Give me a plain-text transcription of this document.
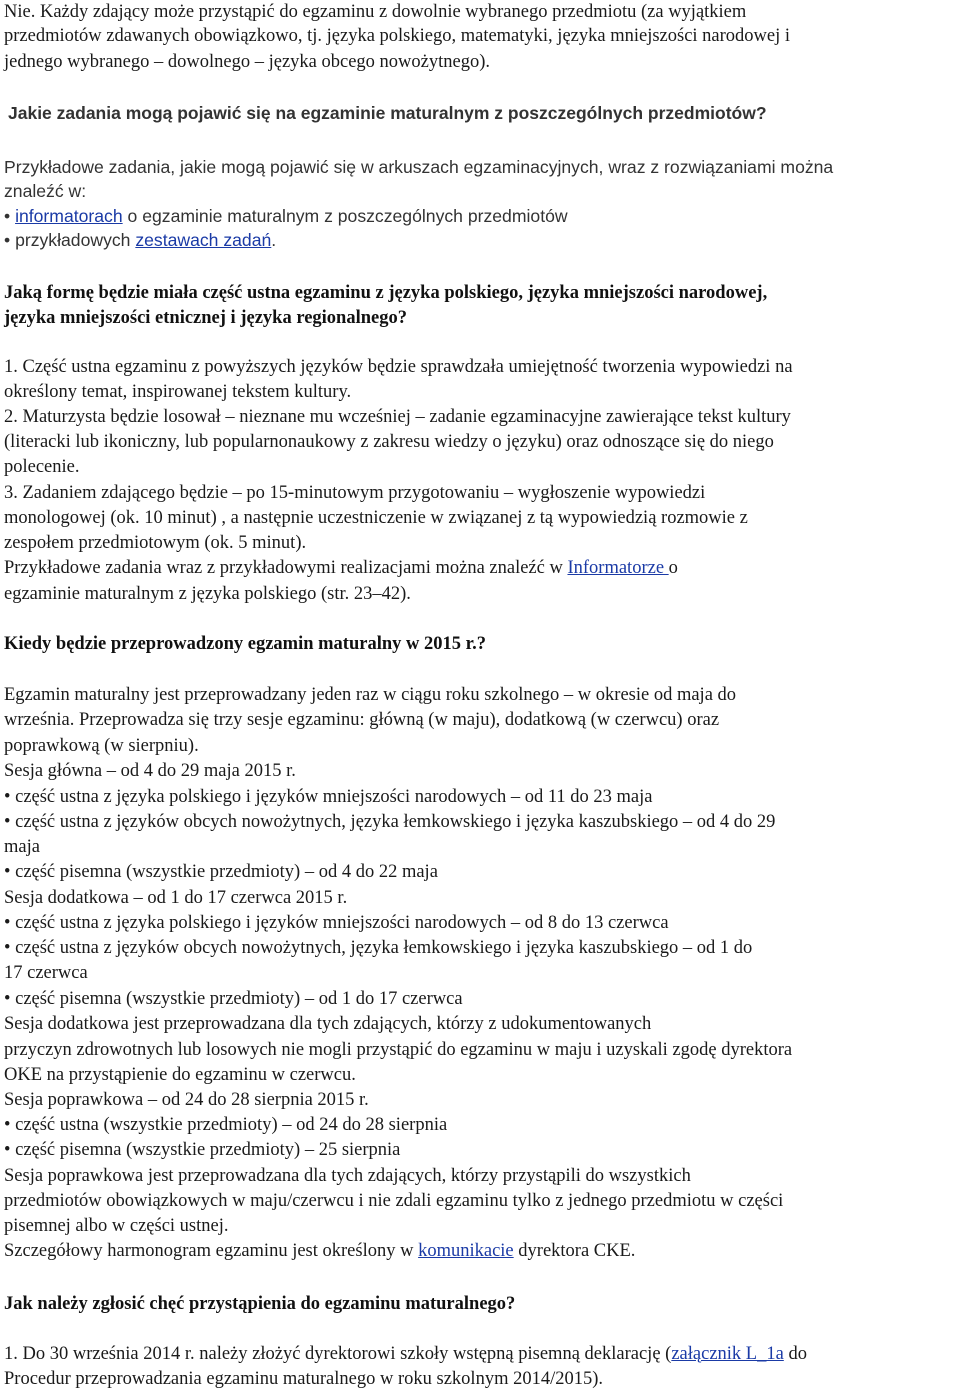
Nie. Każdy zdający może przystąpić do egzaminu z dowolnie wybranego przedmiotu (za wyjątkiem
przedmiotów zdawanych obowiązkowo, tj. języka polskiego, matematyki, języka mniejszości narodowej i
jednego wybranego – dowolnego – języka obcego nowożytnego).
Jakie zadania mogą pojawić się na egzaminie maturalnym z poszczególnych przedmiotów?
Przykładowe zadania, jakie mogą pojawić się w arkuszach egzaminacyjnych, wraz z rozwiązaniami można
znaleźć w:
• informatorach o egzaminie maturalnym z poszczególnych przedmiotów
• przykładowych zestawach zadań.
Jaką formę będzie miała część ustna egzaminu z języka polskiego, języka mniejszości narodowej,
języka mniejszości etnicznej i języka regionalnego?
1. Część ustna egzaminu z powyższych języków będzie sprawdzała umiejętność tworzenia wypowiedzi na
określony temat, inspirowanej tekstem kultury.
2. Maturzysta będzie losował – nieznane mu wcześniej – zadanie egzaminacyjne zawierające tekst kultury
(literacki lub ikoniczny, lub popularnonaukowy z zakresu wiedzy o języku) oraz odnoszące się do niego
polecenie.
3. Zadaniem zdającego będzie – po 15-minutowym przygotowaniu – wygłoszenie wypowiedzi
monologowej (ok. 10 minut) , a następnie uczestniczenie w związanej z tą wypowiedzią rozmowie z
zespołem przedmiotowym (ok. 5 minut).
Przykładowe zadania wraz z przykładowymi realizacjami można znaleźć w Informatorze o
egzaminie maturalnym z języka polskiego (str. 23–42).
Kiedy będzie przeprowadzony egzamin maturalny w 2015 r.?
Egzamin maturalny jest przeprowadzany jeden raz w ciągu roku szkolnego – w okresie od maja do
września. Przeprowadza się trzy sesje egzaminu: główną (w maju), dodatkową (w czerwcu) oraz
poprawkową (w sierpniu).
Sesja główna – od 4 do 29 maja 2015 r.
• część ustna z języka polskiego i języków mniejszości narodowych – od 11 do 23 maja
• część ustna z języków obcych nowożytnych, języka łemkowskiego i języka kaszubskiego – od 4 do 29
maja
• część pisemna (wszystkie przedmioty) – od 4 do 22 maja
Sesja dodatkowa – od 1 do 17 czerwca 2015 r.
• część ustna z języka polskiego i języków mniejszości narodowych – od 8 do 13 czerwca
• część ustna z języków obcych nowożytnych, języka łemkowskiego i języka kaszubskiego – od 1 do
17 czerwca
• część pisemna (wszystkie przedmioty) – od 1 do 17 czerwca
Sesja dodatkowa jest przeprowadzana dla tych zdających, którzy z udokumentowanych
przyczyn zdrowotnych lub losowych nie mogli przystąpić do egzaminu w maju i uzyskali zgodę dyrektora
OKE na przystąpienie do egzaminu w czerwcu.
Sesja poprawkowa – od 24 do 28 sierpnia 2015 r.
• część ustna (wszystkie przedmioty) – od 24 do 28 sierpnia
• część pisemna (wszystkie przedmioty) – 25 sierpnia
Sesja poprawkowa jest przeprowadzana dla tych zdających, którzy przystąpili do wszystkich
przedmiotów obowiązkowych w maju/czerwcu i nie zdali egzaminu tylko z jednego przedmiotu w części
pisemnej albo w części ustnej.
Szczegółowy harmonogram egzaminu jest określony w komunikacie dyrektora CKE.
Jak należy zgłosić chęć przystąpienia do egzaminu maturalnego?
1. Do 30 września 2014 r. należy złożyć dyrektorowi szkoły wstępną pisemną deklarację (załącznik L_1a do
Procedur przeprowadzania egzaminu maturalnego w roku szkolnym 2014/2015).
